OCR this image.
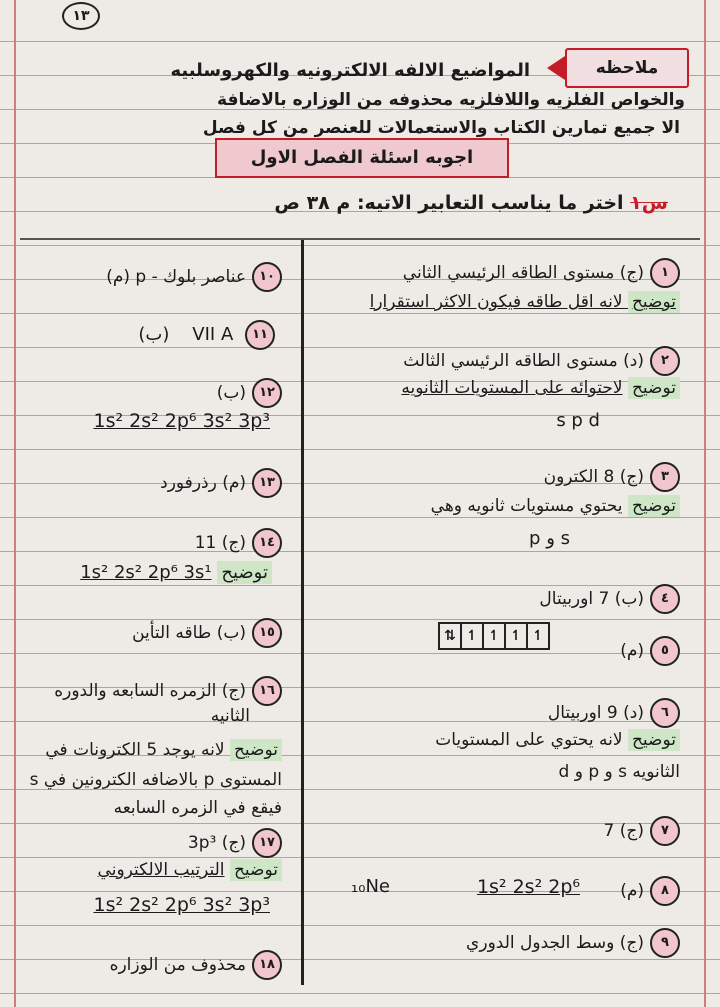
١٣
ملاحظه
المواضيع الالفه الالكترونيه والكهروسلبيه
والخواص الفلزيه واللافلزيه محذوفه من الوزاره بالاضافة
الا جميع تمارين الكتاب والاستعمالات للعنصر من كل فصل
اجوبه اسئلة الفصل الاول
س١ اختر ما يناسب التعابير الاتيه: م ٣٨ ص
١(ج) مستوى الطاقه الرئيسي الثاني
توضيح لانه اقل طاقه فيكون الاكثر استقرارا
٢(د) مستوى الطاقه الرئيسي الثالث
توضيح لاحتوائه على المستويات الثانويه
s p d
٣(ج) 8 الكترون
توضيح يحتوي مستويات ثانويه وهي
p و s
٤(ب) 7 اوربيتال
٥(م)
⇅ ↿ ↿ ↿ ↿
٦(د) 9 اوربيتال
توضيح لانه يحتوي على المستويات
الثانويه s و p و d
٧(ج) 7
٨(م)
1s² 2s² 2p⁶
₁₀Ne
٩(ج) وسط الجدول الدوري
١٠عناصر بلوك - p (م)
(ب) VII A ١١
١٢(ب)
1s² 2s² 2p⁶ 3s² 3p³
١٣(م) رذرفورد
١٤(ج) 11
1s² 2s² 2p⁶ 3s¹ توضيح
١٥(ب) طاقه التأين
١٦(ج) الزمره السابعه والدوره
الثانيه
توضيح لانه يوجد 5 الكترونات في
المستوى p بالاضافه الكترونين في s
فيقع في الزمره السابعه
١٧(ج) 3p³
توضيح الترتيب الالكتروني
1s² 2s² 2p⁶ 3s² 3p³
١٨محذوف من الوزاره
